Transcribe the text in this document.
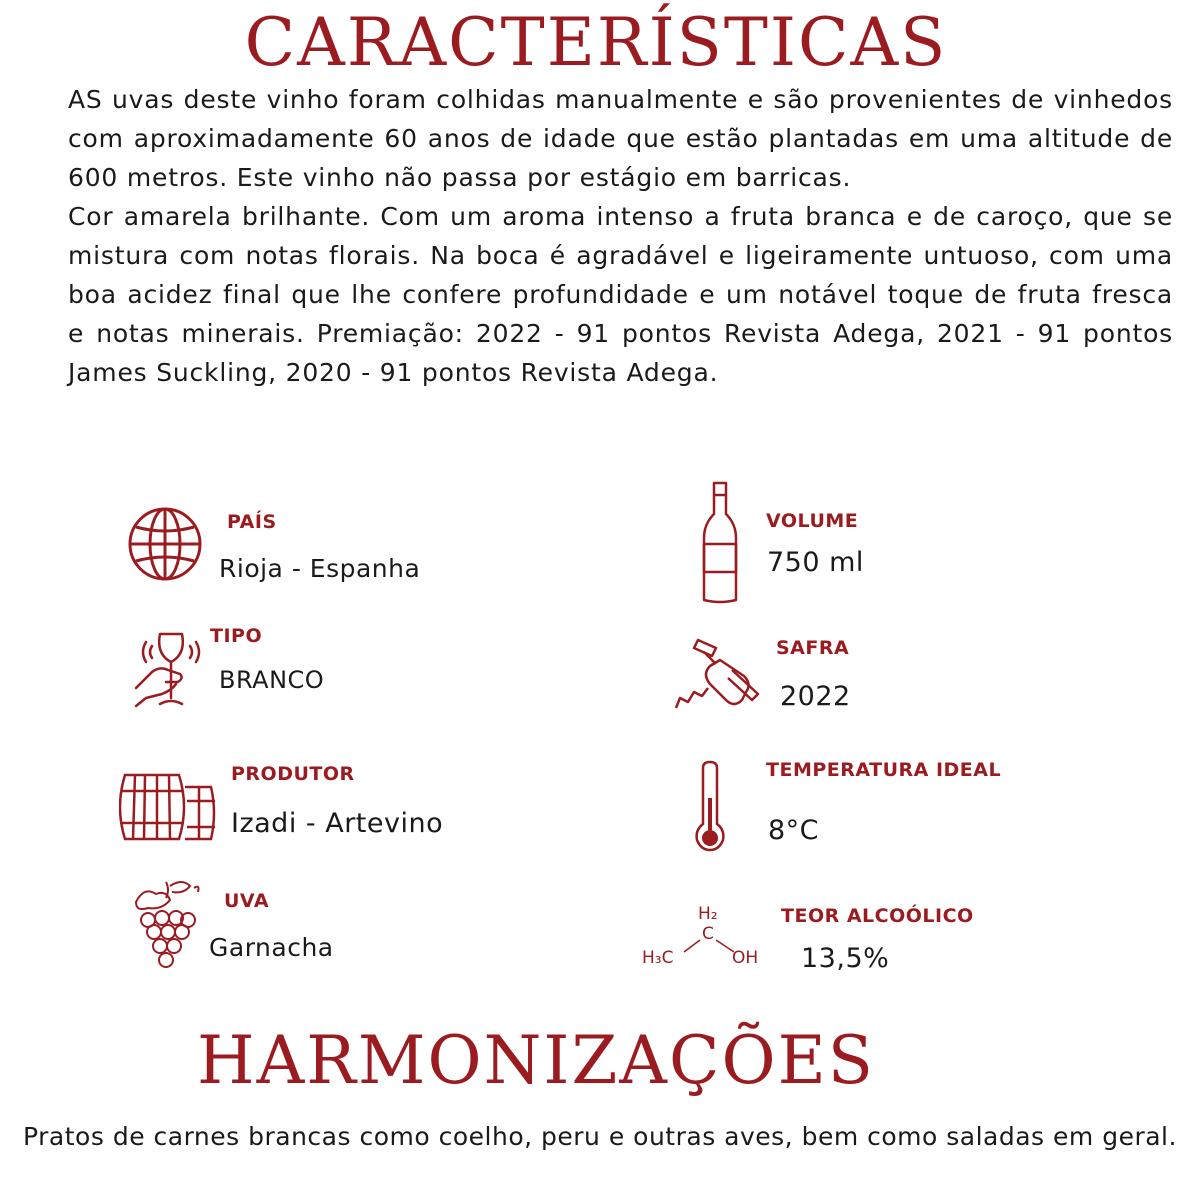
CARACTERÍSTICAS

AS uvas deste vinho foram colhidas manualmente e são provenientes de vinhedos com aproximadamente 60 anos de idade que estão plantadas em uma altitude de 600 metros. Este vinho não passa por estágio em barricas.

Cor amarela brilhante. Com um aroma intenso a fruta branca e de caroço, que se mistura com notas florais. Na boca é agradável e ligeiramente untuoso, com uma boa acidez final que lhe confere profundidade e um notável toque de fruta fresca e notas minerais. Premiação: 2022 - 91 pontos Revista Adega, 2021 - 91 pontos James Suckling, 2020 - 91 pontos Revista Adega.

PAÍS
Rioja - Espanha
TIPO
BRANCO
PRODUTOR
Izadi - Artevino
UVA
Garnacha
VOLUME
750 ml
SAFRA
2022
TEMPERATURA IDEAL
8°C
H₂
C
H₃C	OH
TEOR ALCOÓLICO
13,5%
HARMONIZAÇÕES

Pratos de carnes brancas como coelho, peru e outras aves, bem como saladas em geral.
